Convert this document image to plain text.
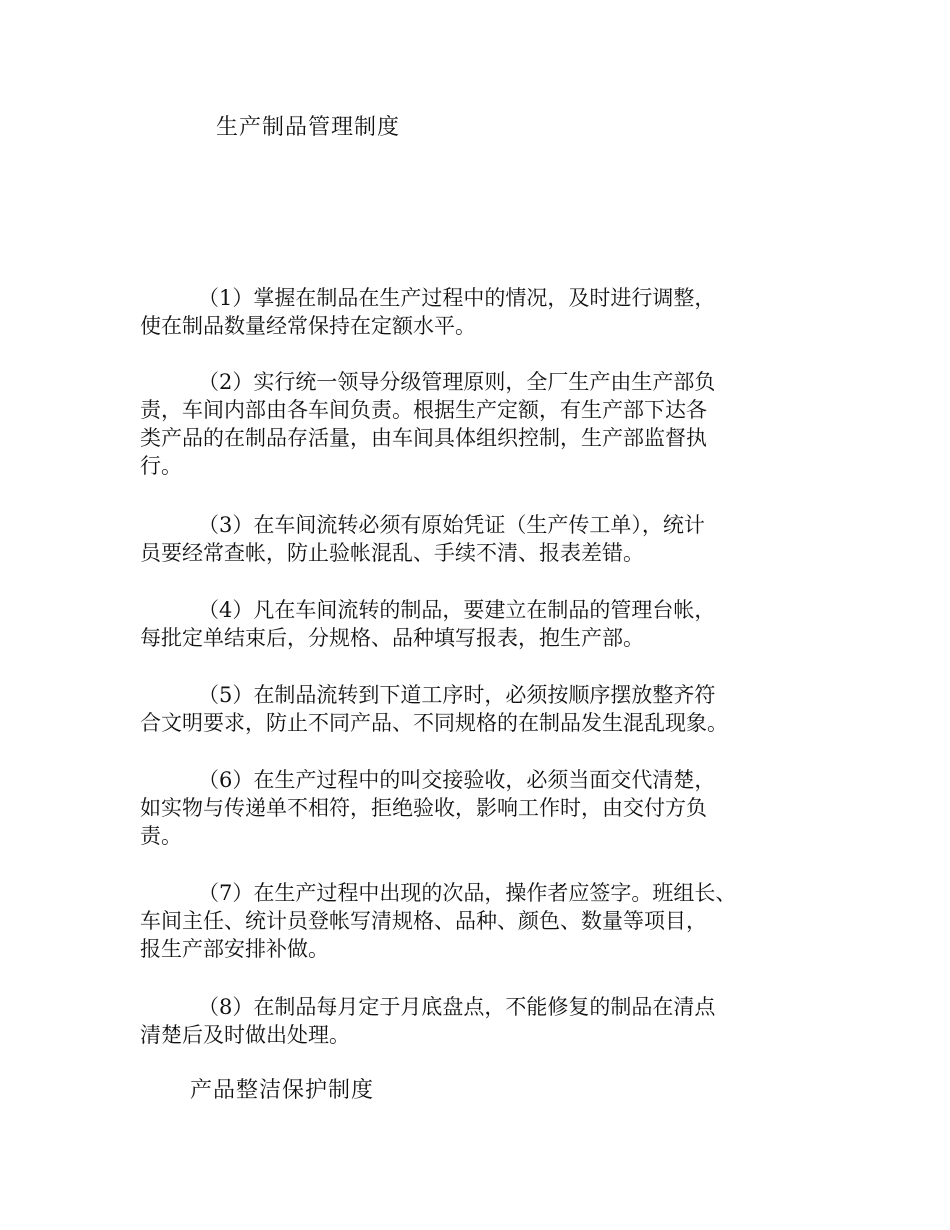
生产制品管理制度
（1）掌握在制品在生产过程中的情况，及时进行调整，
使在制品数量经常保持在定额水平。
（2）实行统一领导分级管理原则，全厂生产由生产部负
责，车间内部由各车间负责。根据生产定额，有生产部下达各
类产品的在制品存活量，由车间具体组织控制，生产部监督执
行。
（3）在车间流转必须有原始凭证（生产传工单），统计
员要经常查帐，防止验帐混乱、手续不清、报表差错。
（4）凡在车间流转的制品，要建立在制品的管理台帐，
每批定单结束后，分规格、品种填写报表，抱生产部。
（5）在制品流转到下道工序时，必须按顺序摆放整齐符
合文明要求，防止不同产品、不同规格的在制品发生混乱现象。
（6）在生产过程中的叫交接验收，必须当面交代清楚，
如实物与传递单不相符，拒绝验收，影响工作时，由交付方负
责。
（7）在生产过程中出现的次品，操作者应签字。班组长、
车间主任、统计员登帐写清规格、品种、颜色、数量等项目，
报生产部安排补做。
（8）在制品每月定于月底盘点，不能修复的制品在清点
清楚后及时做出处理。
产品整洁保护制度
